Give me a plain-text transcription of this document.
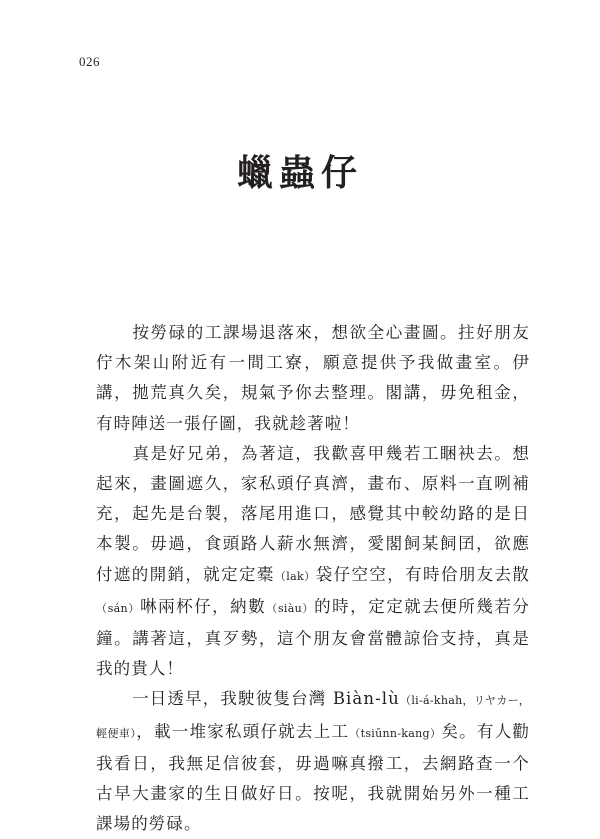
026
蠟蟲仔

按勞碌的工課場退落來，想欲全心畫圖。拄好朋友佇木架山附近有一間工寮，願意提供予我做畫室。伊講，拋荒真久矣，規氣予你去整理。閣講，毋免租金，有時陣送一張仔圖，我就趁著啦！

真是好兄弟，為著這，我歡喜甲幾若工睏袂去。想起來，畫圖遮久，家私頭仔真濟，畫布、原料一直咧補充，起先是台製，落尾用進口，感覺其中較幼路的是日本製。毋過，食頭路人薪水無濟，愛閣飼某飼囝，欲應付遮的開銷，就定定橐（lak）袋仔空空，有時佮朋友去散（sán）啉兩杯仔，納數（siàu）的時，定定就去便所幾若分鐘。講著這，真歹勢，這个朋友會當體諒佮支持，真是我的貴人！

一日透早，我駛彼隻台灣 Biàn-lù（li-á-khah，リヤカー，輕便車），載一堆家私頭仔就去上工（tsiūnn-kang）矣。有人勸我看日，我無足信彼套，毋過嘛真撥工，去網路查一个古早大畫家的生日做好日。按呢，我就開始另外一種工課場的勞碌。
